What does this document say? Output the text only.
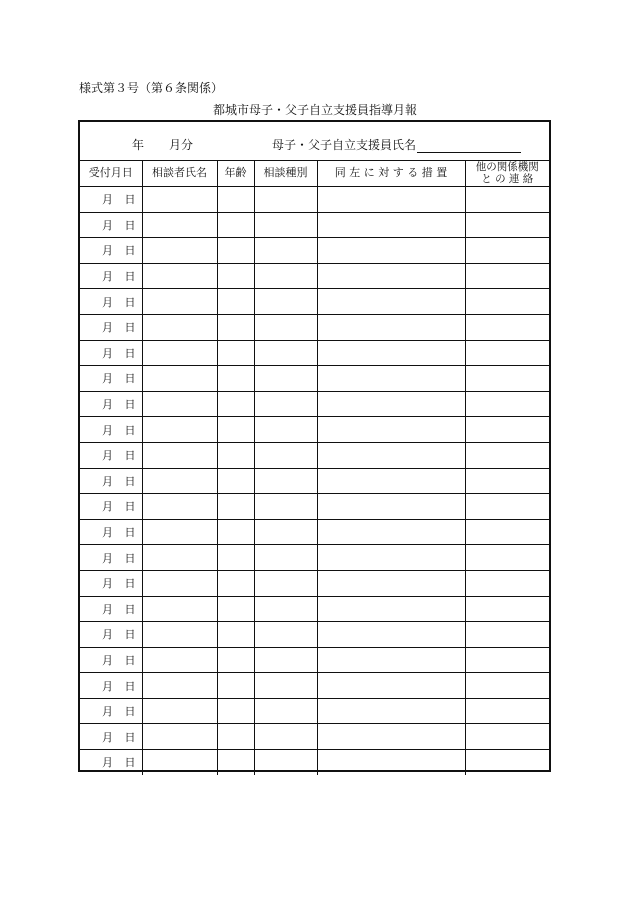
様式第３号（第６条関係）
都城市母子・父子自立支援員指導月報
年 月分	母子・父子自立支援員氏名
受付月日	相談者氏名	年齢	相談種別	同 左 に 対 す る 措 置	他の関係機関
と の 連 絡

月 日					

月 日					

月 日					

月 日					

月 日					

月 日					

月 日					

月 日					

月 日					

月 日					

月 日					

月 日					

月 日					

月 日					

月 日					

月 日					

月 日					

月 日					

月 日					

月 日					

月 日					

月 日					

月 日					
